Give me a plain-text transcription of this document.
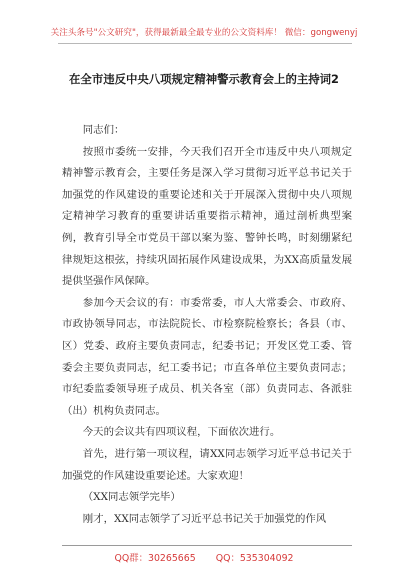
关注头条号"公文研究"，获得最新最全最专业的公文资料库！ 微信：gongwenyj
在全市违反中央八项规定精神警示教育会上的主持词2

同志们：

按照市委统一安排，今天我们召开全市违反中央八项规定精神警示教育会，主要任务是深入学习贯彻习近平总书记关于加强党的作风建设的重要论述和关于开展深入贯彻中央八项规定精神学习教育的重要讲话重要指示精神，通过剖析典型案例，教育引导全市党员干部以案为鉴、警钟长鸣，时刻绷紧纪律规矩这根弦，持续巩固拓展作风建设成果，为XX高质量发展提供坚强作风保障。

参加今天会议的有：市委常委，市人大常委会、市政府、市政协领导同志，市法院院长、市检察院检察长；各县（市、区）党委、政府主要负责同志，纪委书记；开发区党工委、管委会主要负责同志，纪工委书记；市直各单位主要负责同志；市纪委监委领导班子成员、机关各室（部）负责同志、各派驻（出）机构负责同志。

今天的会议共有四项议程，下面依次进行。

首先，进行第一项议程，请XX同志领学习近平总书记关于加强党的作风建设重要论述。大家欢迎！

（XX同志领学完毕）

刚才，XX同志领学了习近平总书记关于加强党的作风

QQ群：30265665 QQ：535304092
